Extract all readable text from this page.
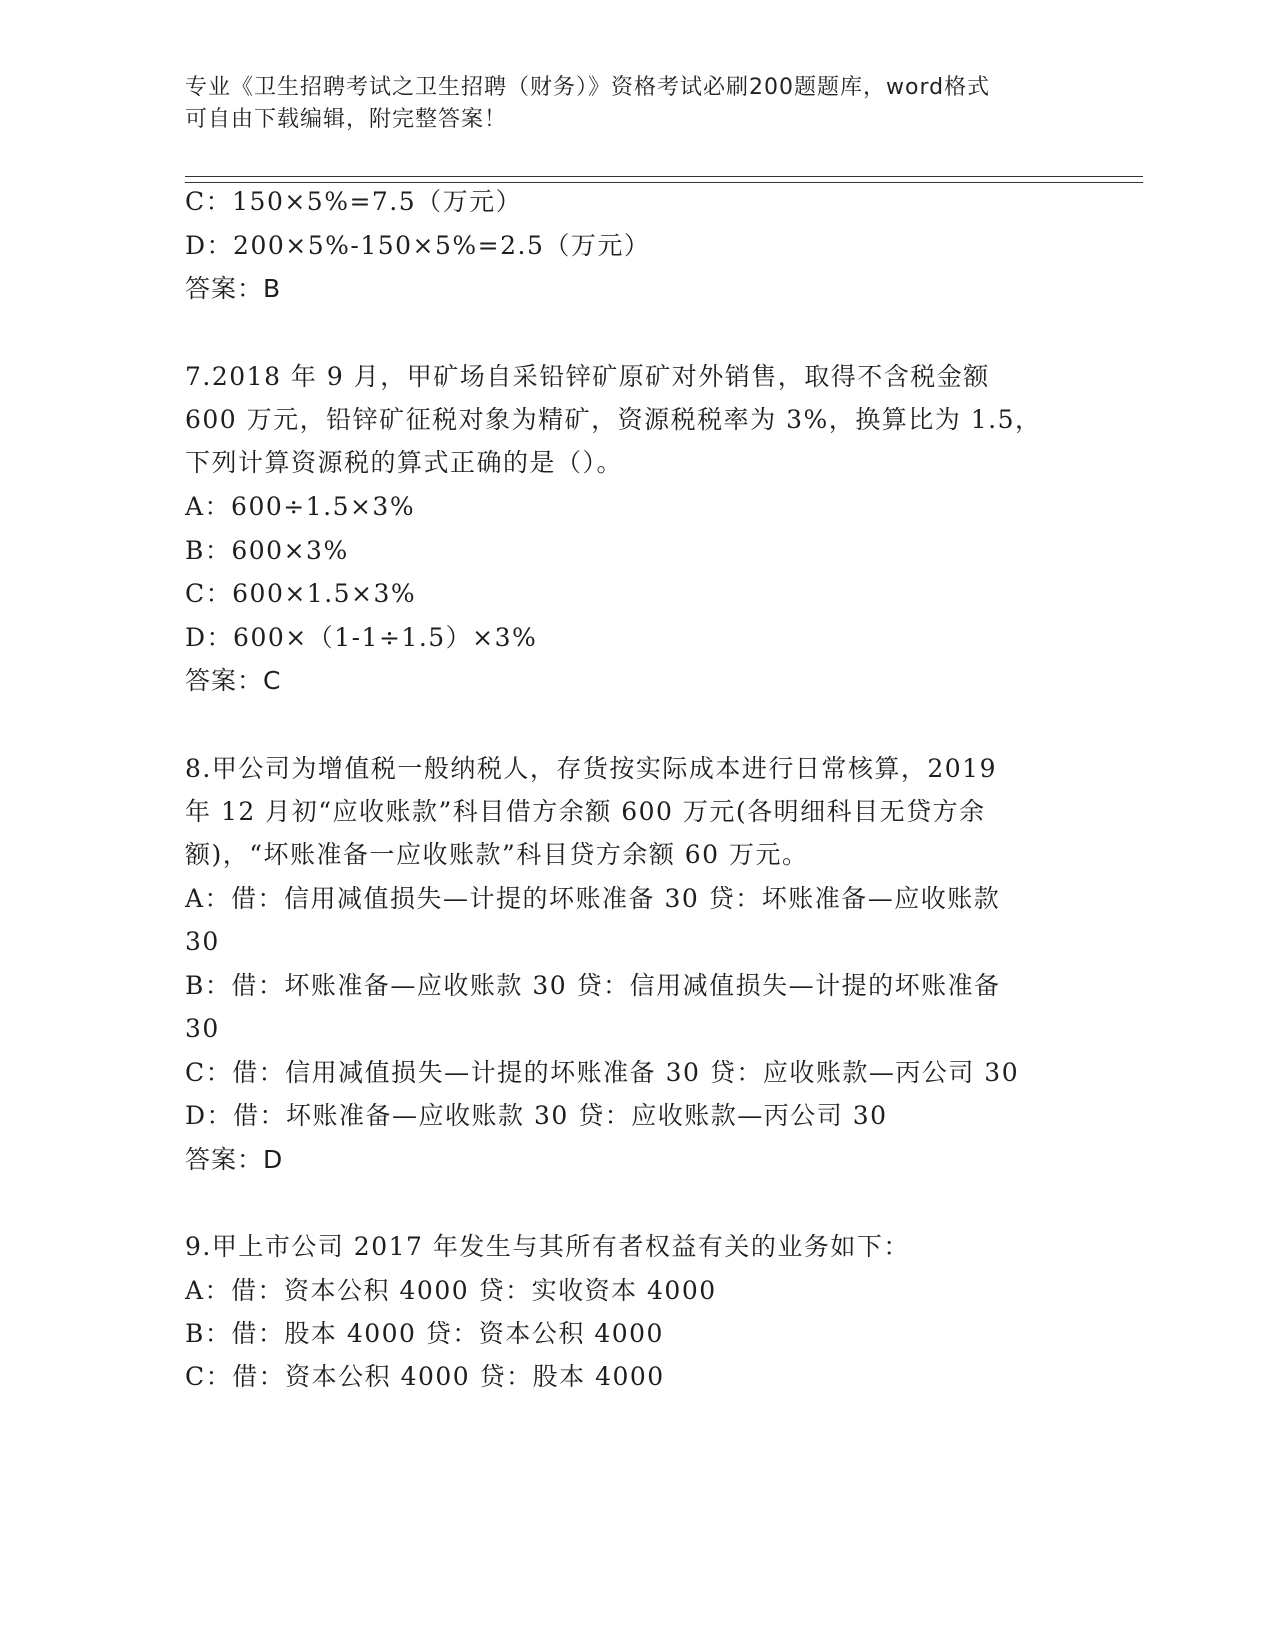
专业《卫生招聘考试之卫生招聘（财务）》资格考试必刷200题题库，word格式
可自由下载编辑，附完整答案！
C：150×5%=7.5（万元）
D：200×5%-150×5%=2.5（万元）
答案：B
7.2018 年 9 月，甲矿场自采铅锌矿原矿对外销售，取得不含税金额
600 万元，铅锌矿征税对象为精矿，资源税税率为 3%，换算比为 1.5，
下列计算资源税的算式正确的是（）。
A：600÷1.5×3%
B：600×3%
C：600×1.5×3%
D：600×（1-1÷1.5）×3%
答案：C
8.甲公司为增值税一般纳税人，存货按实际成本进行日常核算，2019
年 12 月初“应收账款”科目借方余额 600 万元(各明细科目无贷方余
额)，“坏账准备一应收账款”科目贷方余额 60 万元。
A：借：信用减值损失—计提的坏账准备 30 贷：坏账准备—应收账款
30
B：借：坏账准备—应收账款 30 贷：信用减值损失—计提的坏账准备
30
C：借：信用减值损失—计提的坏账准备 30 贷：应收账款—丙公司 30
D：借：坏账准备—应收账款 30 贷：应收账款—丙公司 30
答案：D
9.甲上市公司 2017 年发生与其所有者权益有关的业务如下：
A：借：资本公积 4000 贷：实收资本 4000
B：借：股本 4000 贷：资本公积 4000
C：借：资本公积 4000 贷：股本 4000
